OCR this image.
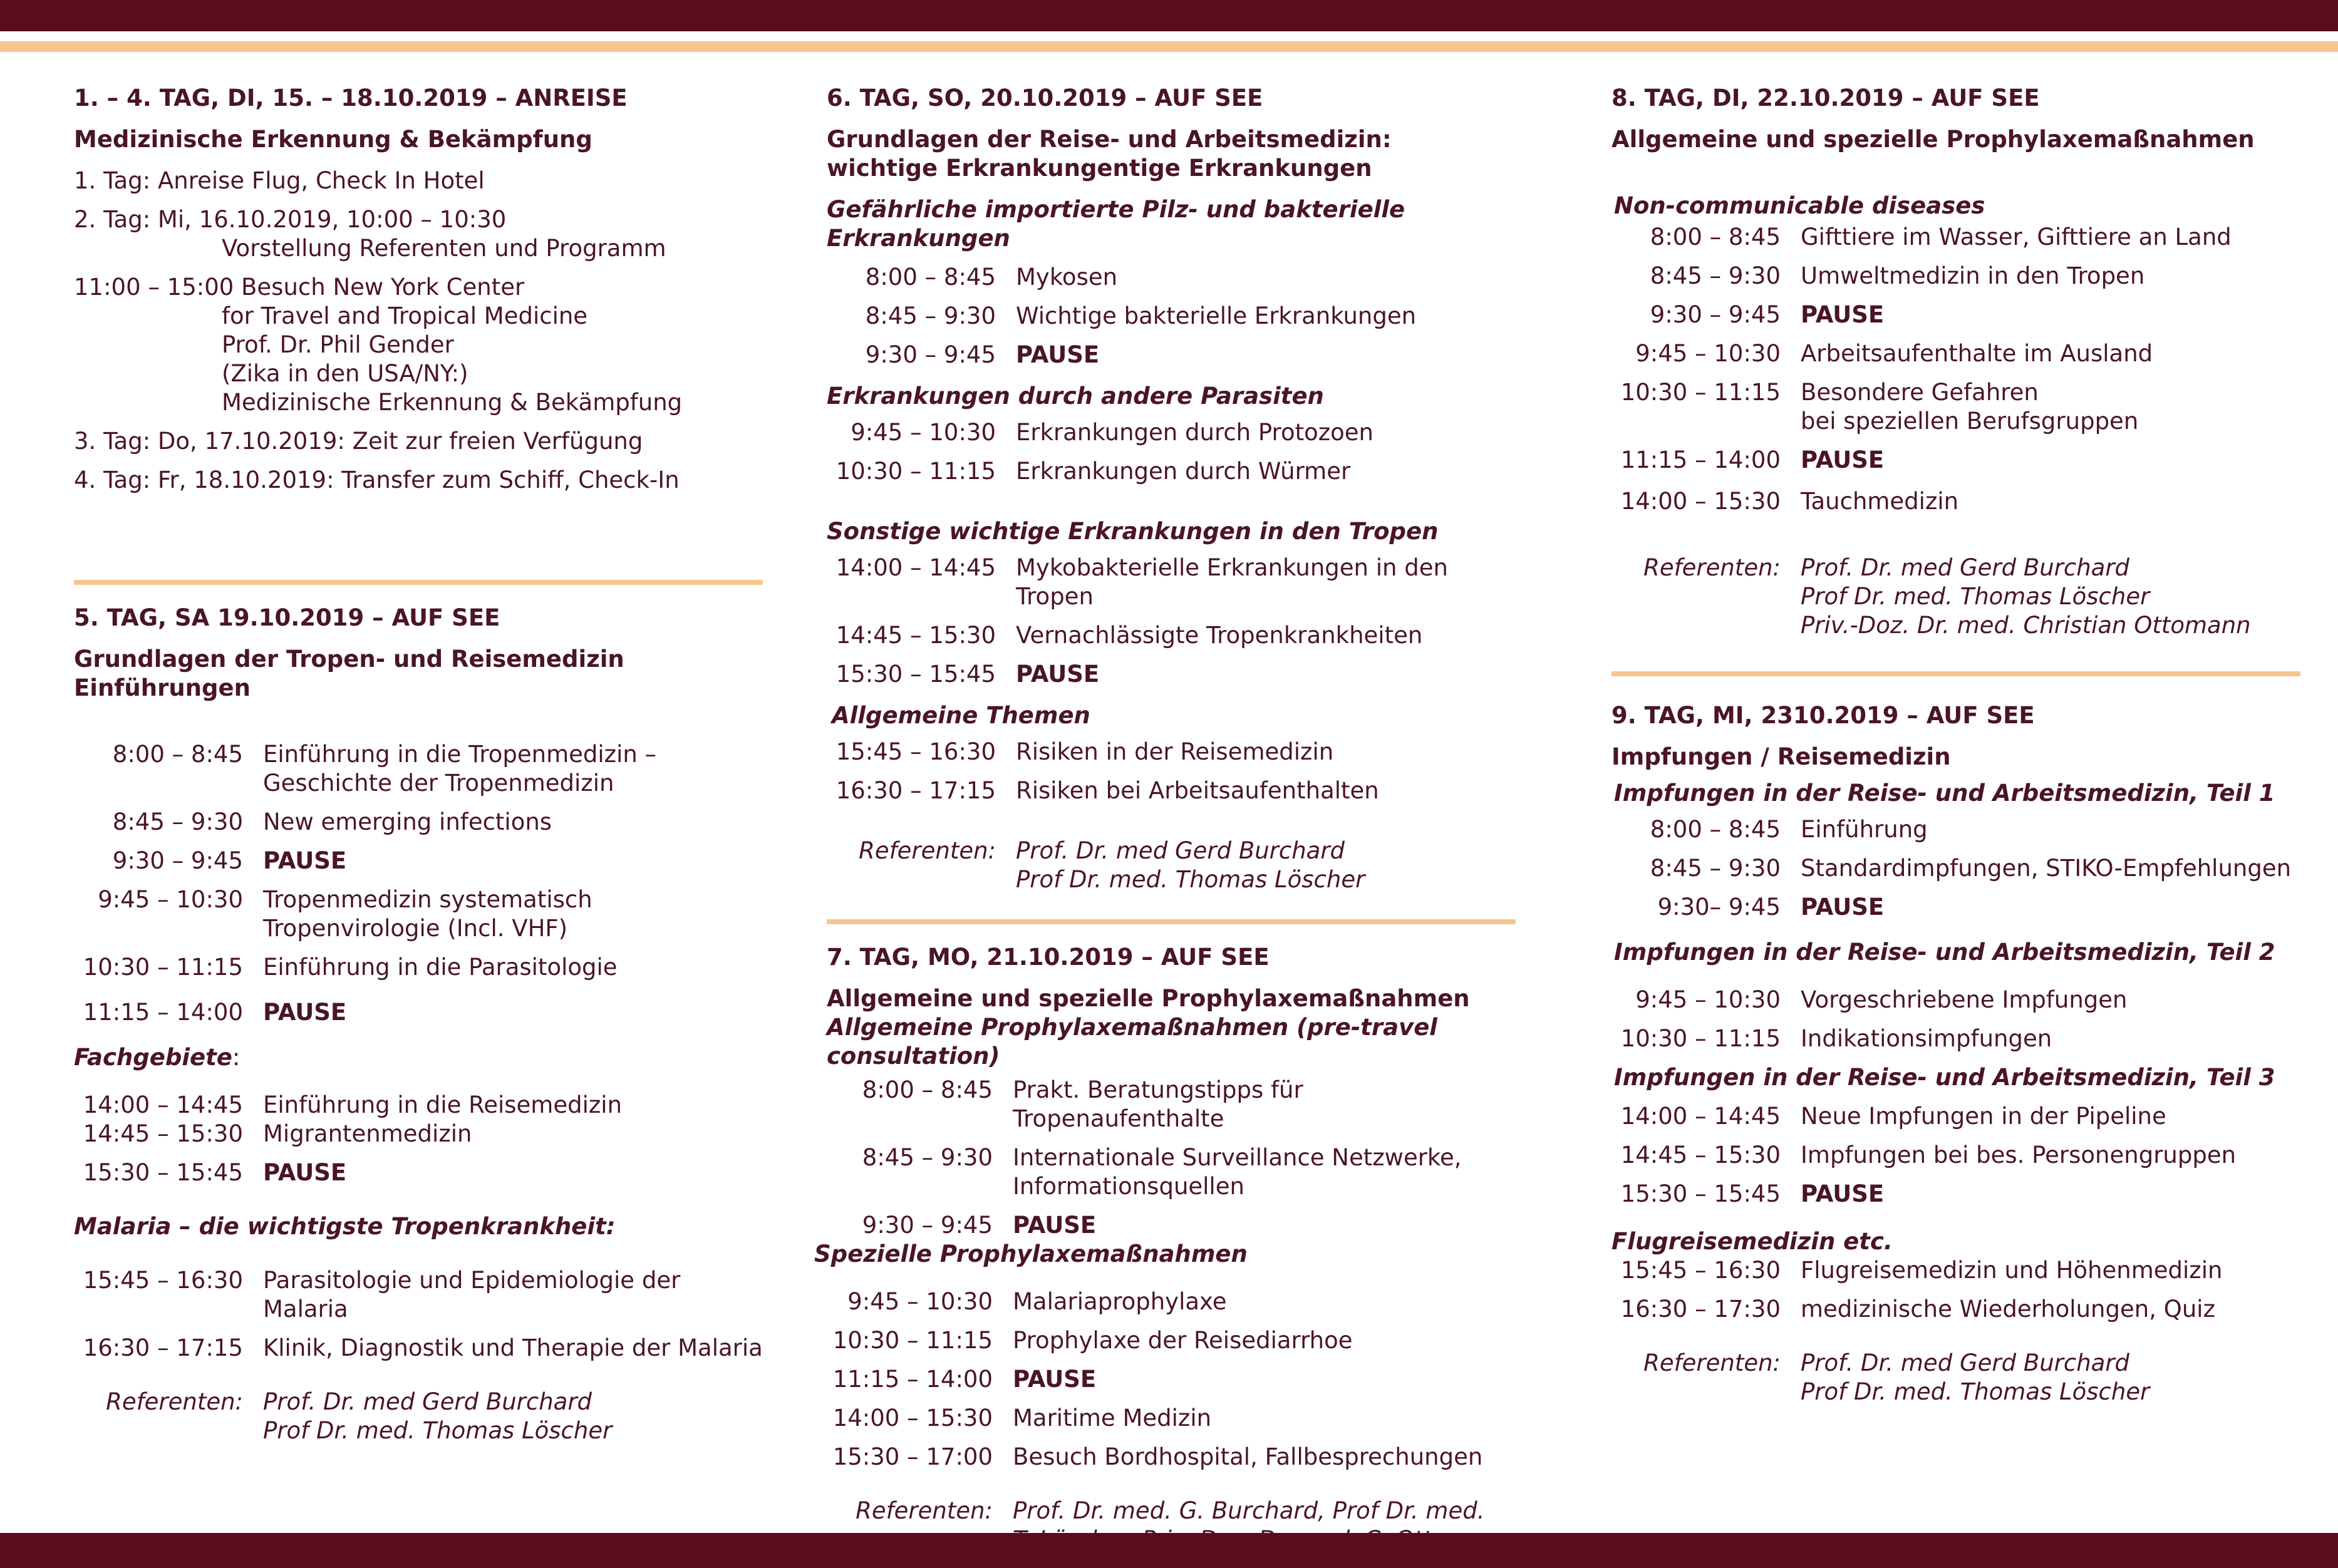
1. – 4. TAG, DI, 15. – 18.10.2019 – ANREISE

Medizinische Erkennung & Bekämpfung

1. Tag: Anreise Flug, Check In Hotel

2. Tag: Mi, 16.10.2019, 10:00 – 10:30

Vorstellung Referenten und Programm

11:00 – 15:00 Besuch New York Center

for Travel and Tropical Medicine

Prof. Dr. Phil Gender

(Zika in den USA/NY:)

Medizinische Erkennung & Bekämpfung

3. Tag: Do, 17.10.2019: Zeit zur freien Verfügung

4. Tag: Fr, 18.10.2019: Transfer zum Schiff, Check-In

5. TAG, SA 19.10.2019 – AUF SEE

Grundlagen der Tropen- und Reisemedizin Einführungen

8:00 – 8:45 Einführung in die Tropenmedizin –
Geschichte der Tropenmedizin
8:45 – 9:30 New emerging infections
9:30 – 9:45 PAUSE
9:45 – 10:30 Tropenmedizin systematisch
Tropenvirologie (Incl. VHF)
10:30 – 11:15 Einführung in die Parasitologie
11:15 – 14:00 PAUSE

Fachgebiete:

14:00 – 14:45 Einführung in die Reisemedizin
14:45 – 15:30 Migrantenmedizin
15:30 – 15:45 PAUSE

Malaria – die wichtigste Tropenkrankheit:

15:45 – 16:30 Parasitologie und Epidemiologie der Malaria
16:30 – 17:15 Klinik, Diagnostik und Therapie der Malaria
Referenten: Prof. Dr. med Gerd Burchard
Prof Dr. med. Thomas Löscher

6. TAG, SO, 20.10.2019 – AUF SEE

Grundlagen der Reise- und Arbeitsmedizin:

wichtige Erkrankungentige Erkrankungen

Gefährliche importierte Pilz- und bakterielle Erkrankungen

8:00 – 8:45 Mykosen
8:45 – 9:30 Wichtige bakterielle Erkrankungen
9:30 – 9:45 PAUSE

Erkrankungen durch andere Parasiten

9:45 – 10:30 Erkrankungen durch Protozoen
10:30 – 11:15 Erkrankungen durch Würmer

Sonstige wichtige Erkrankungen in den Tropen

14:00 – 14:45 Mykobakterielle Erkrankungen in den Tropen
14:45 – 15:30 Vernachlässigte Tropenkrankheiten
15:30 – 15:45 PAUSE

Allgemeine Themen

15:45 – 16:30 Risiken in der Reisemedizin
16:30 – 17:15 Risiken bei Arbeitsaufenthalten
Referenten: Prof. Dr. med Gerd Burchard
Prof Dr. med. Thomas Löscher

7. TAG, MO, 21.10.2019 – AUF SEE

Allgemeine und spezielle Prophylaxemaßnahmen

Allgemeine Prophylaxemaßnahmen (pre-travel consultation)

8:00 – 8:45 Prakt. Beratungstipps für Tropenaufenthalte
8:45 – 9:30 Internationale Surveillance Netzwerke,
Informationsquellen
9:30 – 9:45 PAUSE

Spezielle Prophylaxemaßnahmen

9:45 – 10:30 Malariaprophylaxe
10:30 – 11:15 Prophylaxe der Reisediarrhoe
11:15 – 14:00 PAUSE
14:00 – 15:30 Maritime Medizin
15:30 – 17:00 Besuch Bordhospital, Fallbesprechungen
Referenten: Prof. Dr. med. G. Burchard, Prof Dr. med.

8. TAG, DI, 22.10.2019 – AUF SEE

Allgemeine und spezielle Prophylaxemaßnahmen

Non-communicable diseases

8:00 – 8:45 Gifttiere im Wasser, Gifttiere an Land
8:45 – 9:30 Umweltmedizin in den Tropen
9:30 – 9:45 PAUSE
9:45 – 10:30 Arbeitsaufenthalte im Ausland
10:30 – 11:15 Besondere Gefahren
bei speziellen Berufsgruppen
11:15 – 14:00 PAUSE
14:00 – 15:30 Tauchmedizin
Referenten: Prof. Dr. med Gerd Burchard
Prof Dr. med. Thomas Löscher
Priv.-Doz. Dr. med. Christian Ottomann

9. TAG, MI, 2310.2019 – AUF SEE

Impfungen / Reisemedizin

Impfungen in der Reise- und Arbeitsmedizin, Teil 1

8:00 – 8:45 Einführung
8:45 – 9:30 Standardimpfungen, STIKO-Empfehlungen
9:30– 9:45 PAUSE

Impfungen in der Reise- und Arbeitsmedizin, Teil 2

9:45 – 10:30 Vorgeschriebene Impfungen
10:30 – 11:15 Indikationsimpfungen

Impfungen in der Reise- und Arbeitsmedizin, Teil 3

14:00 – 14:45 Neue Impfungen in der Pipeline
14:45 – 15:30 Impfungen bei bes. Personengruppen
15:30 – 15:45 PAUSE

Flugreisemedizin etc.

15:45 – 16:30 Flugreisemedizin und Höhenmedizin
16:30 – 17:30 medizinische Wiederholungen, Quiz
Referenten: Prof. Dr. med Gerd Burchard
Prof Dr. med. Thomas Löscher
